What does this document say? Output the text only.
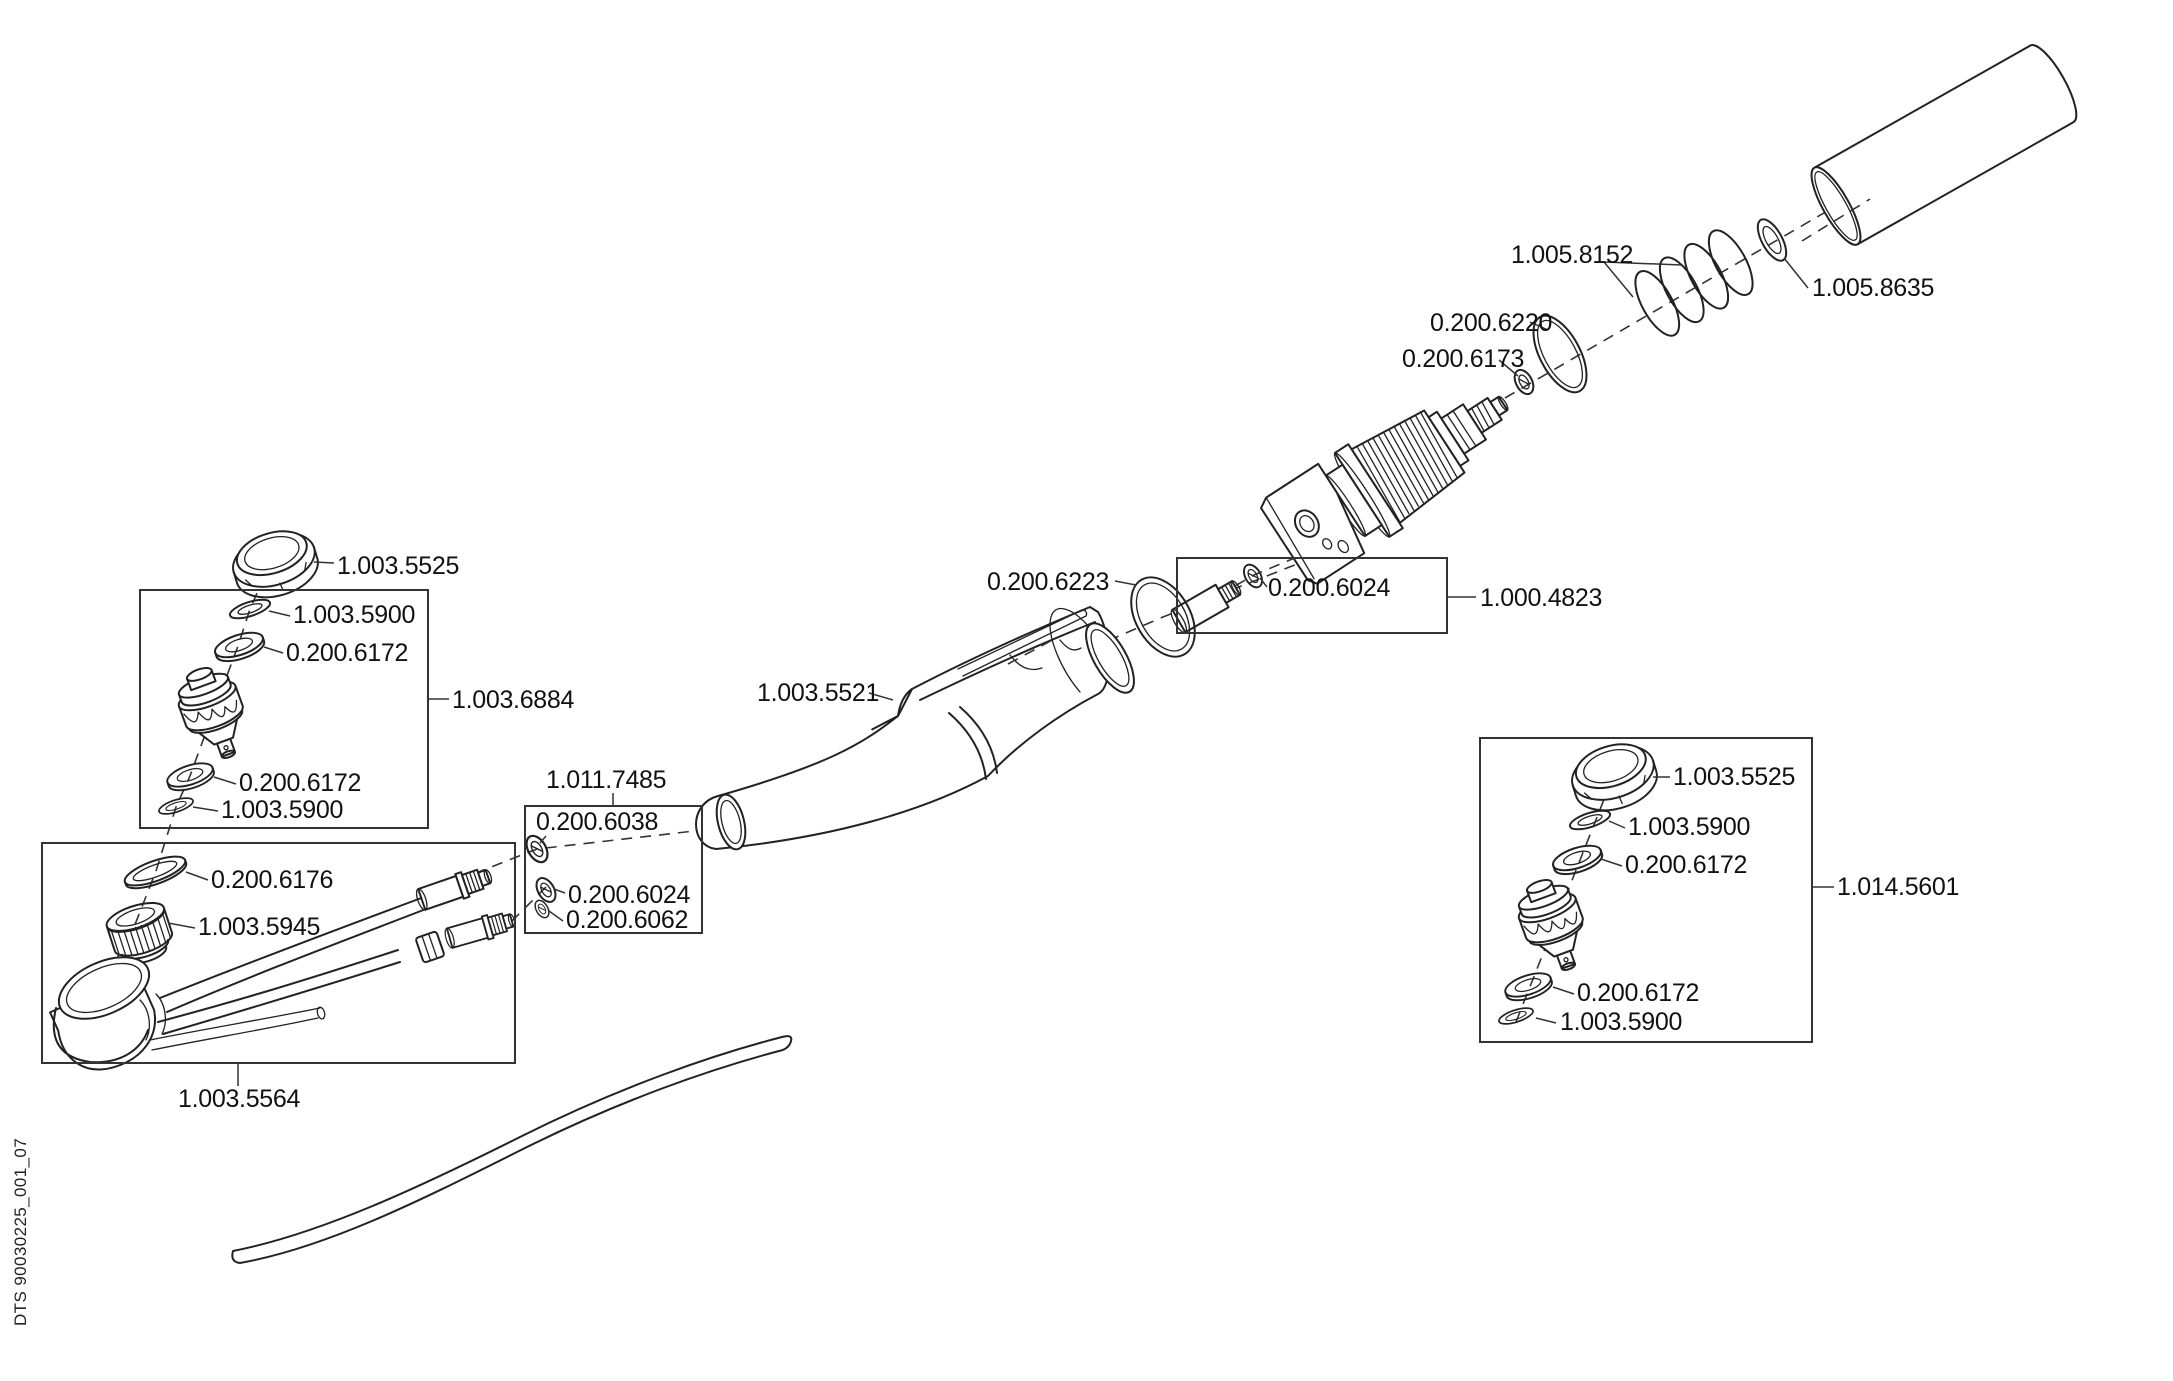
1.005.8152
1.005.8635
0.200.6220
0.200.6173
0.200.6223	0.200.6024	1.000.4823
1.003.5521
1.003.5525
1.003.5900
0.200.6172
1.003.6884
0.200.6172
1.003.5900
0.200.6176
1.003.5945
1.003.5564
1.011.7485
0.200.6038
0.200.6024
0.200.6062
1.003.5525
1.003.5900
0.200.6172
1.014.5601
0.200.6172
1.003.5900
DTS 90030225_001_07
